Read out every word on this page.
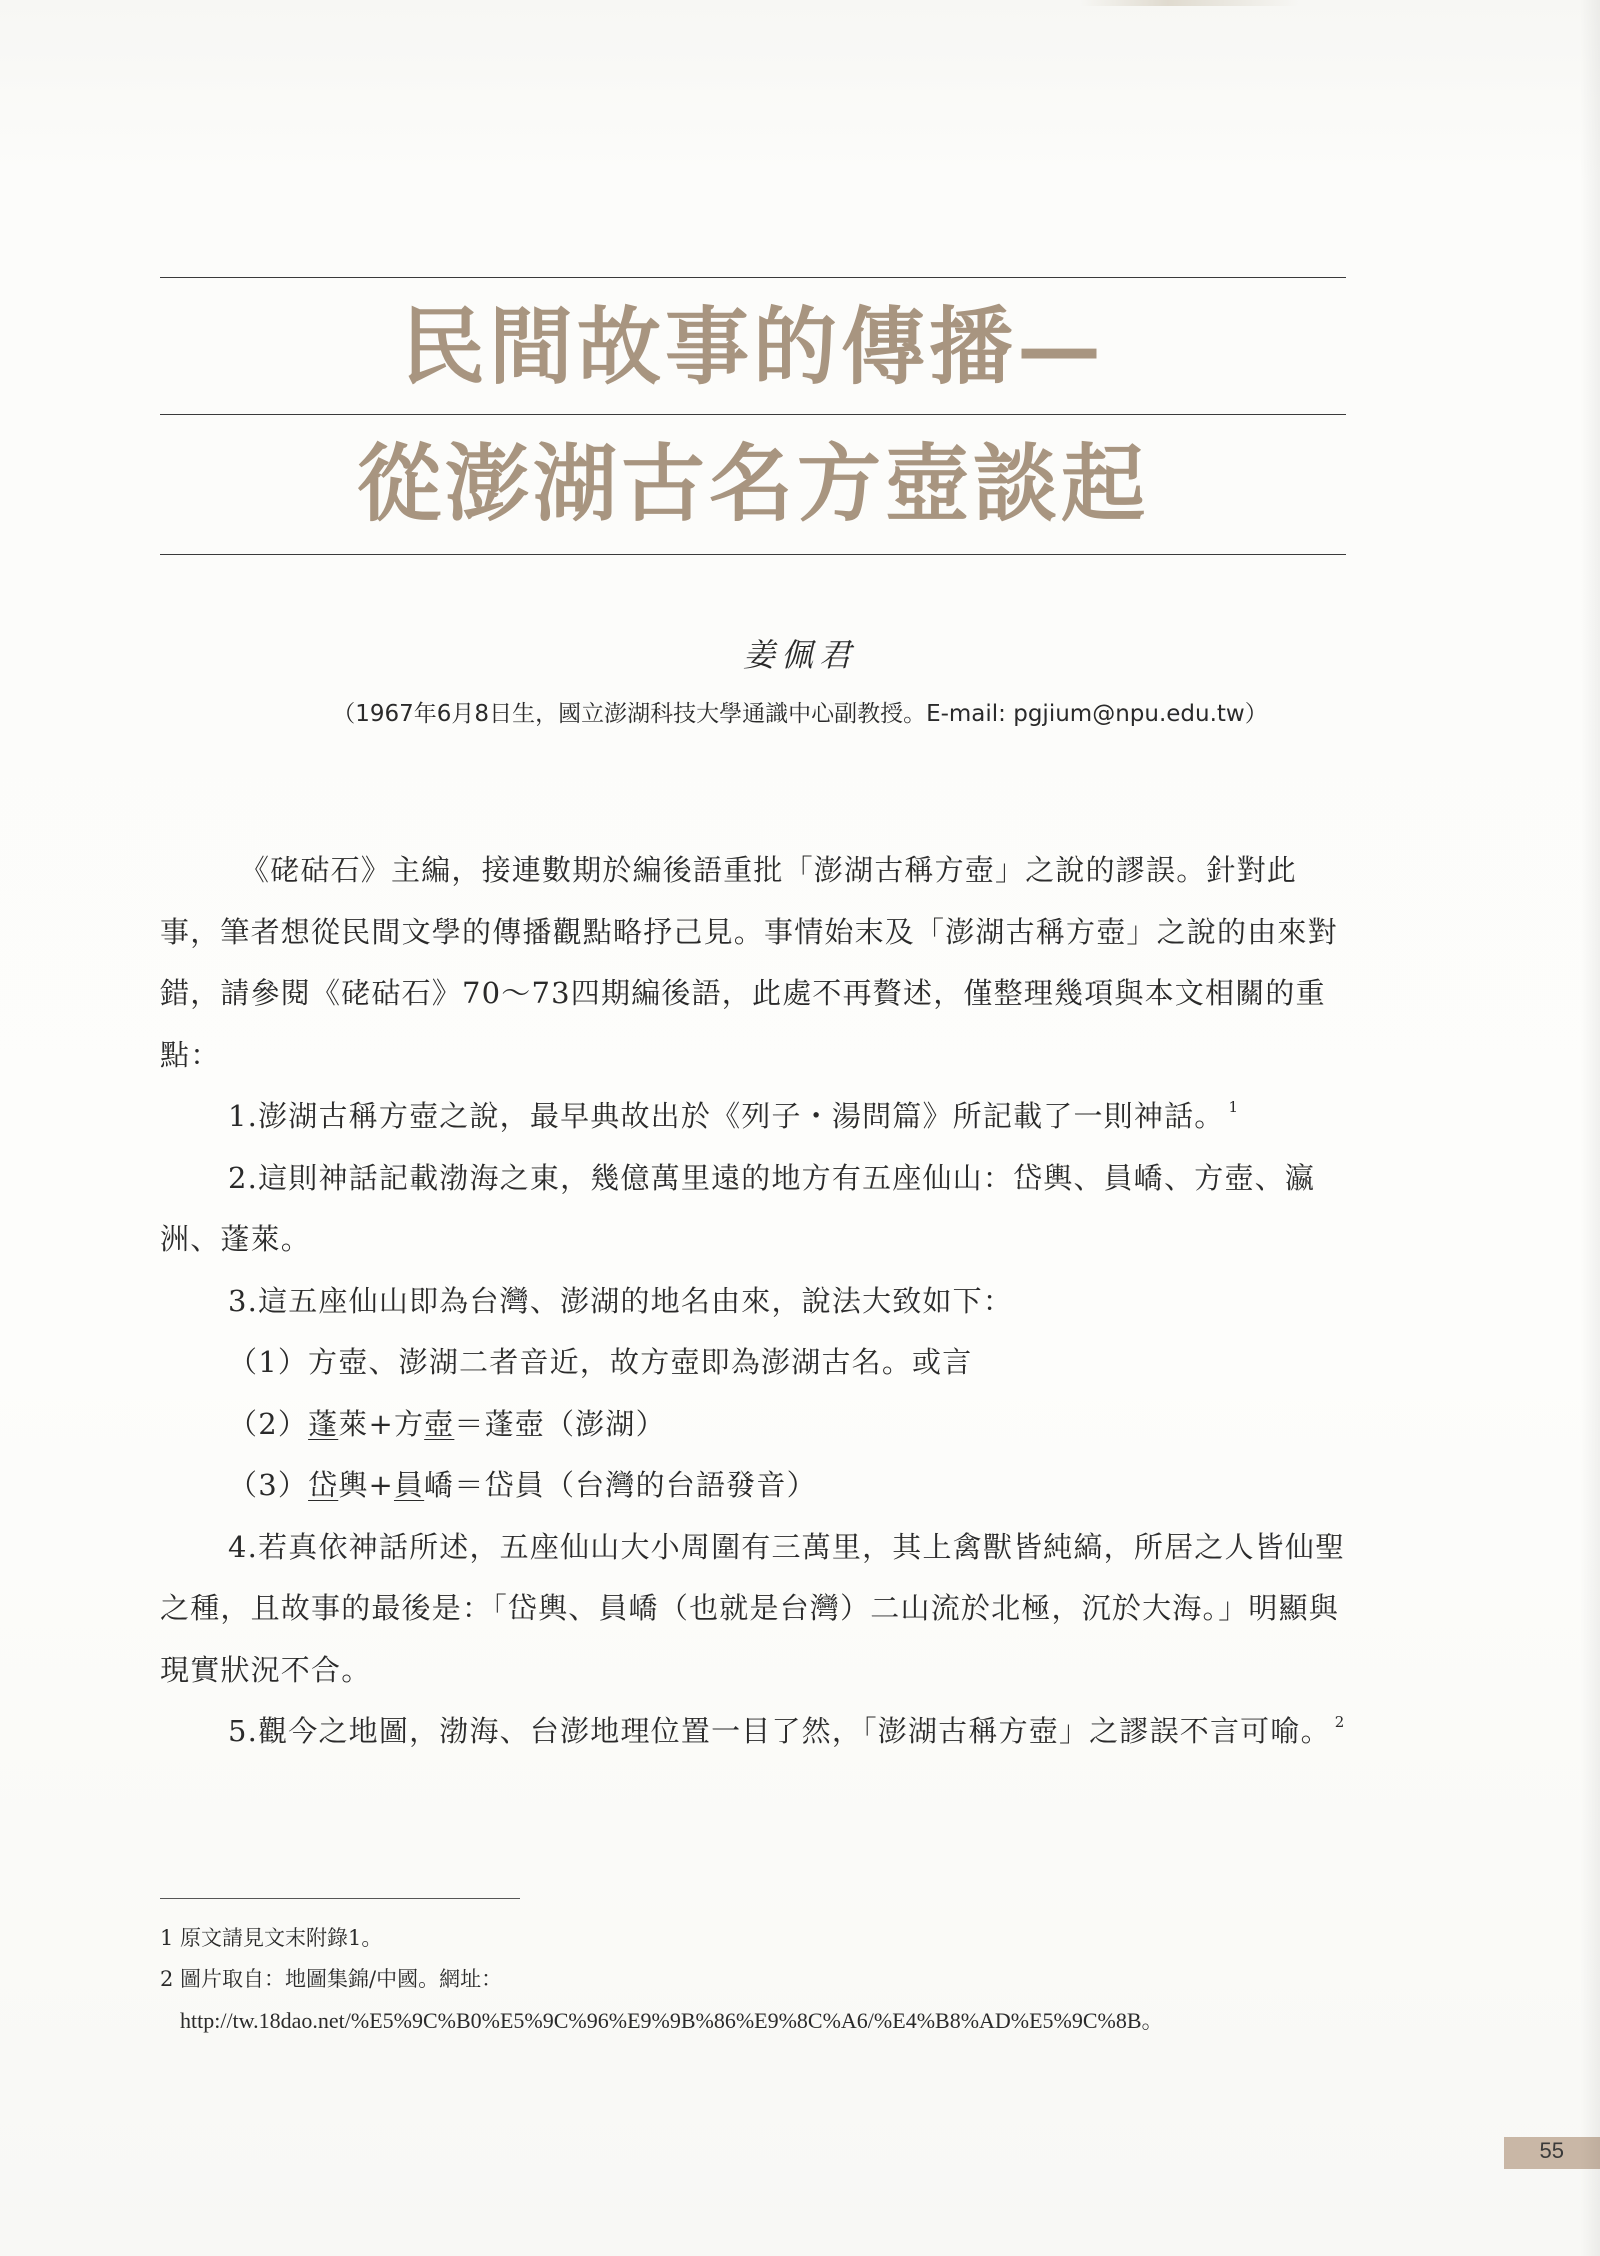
民間故事的傳播—
從澎湖古名方壺談起
姜佩君
（1967年6月8日生，國立澎湖科技大學通識中心副教授。E-mail: pgjium@npu.edu.tw）

《硓𥑮石》主編，接連數期於編後語重批「澎湖古稱方壺」之說的謬誤。針對此事，筆者想從民間文學的傳播觀點略抒己見。事情始末及「澎湖古稱方壺」之說的由來對錯，請參閱《硓𥑮石》70～73四期編後語，此處不再贅述，僅整理幾項與本文相關的重點：

1.澎湖古稱方壺之說，最早典故出於《列子・湯問篇》所記載了一則神話。 $^1$

2.這則神話記載渤海之東，幾億萬里遠的地方有五座仙山：岱輿、員嶠、方壺、瀛洲、蓬萊。

3.這五座仙山即為台灣、澎湖的地名由來，說法大致如下：

（1）方壺、澎湖二者音近，故方壺即為澎湖古名。或言

（2）蓬萊+方壺＝蓬壺（澎湖）

（3）岱輿+員嶠＝岱員（台灣的台語發音）

4.若真依神話所述，五座仙山大小周圍有三萬里，其上禽獸皆純縞，所居之人皆仙聖之種，且故事的最後是：「岱輿、員嶠（也就是台灣）二山流於北極，沉於大海。」明顯與現實狀況不合。

5.觀今之地圖，渤海、台澎地理位置一目了然，「澎湖古稱方壺」之謬誤不言可喻。 $^2$

1 原文請見文末附錄1。

2 圖片取自：地圖集錦/中國。網址：

http://tw.18dao.net/%E5%9C%B0%E5%9C%96%E9%9B%86%E9%8C%A6/%E4%B8%AD%E5%9C%8B。

55
